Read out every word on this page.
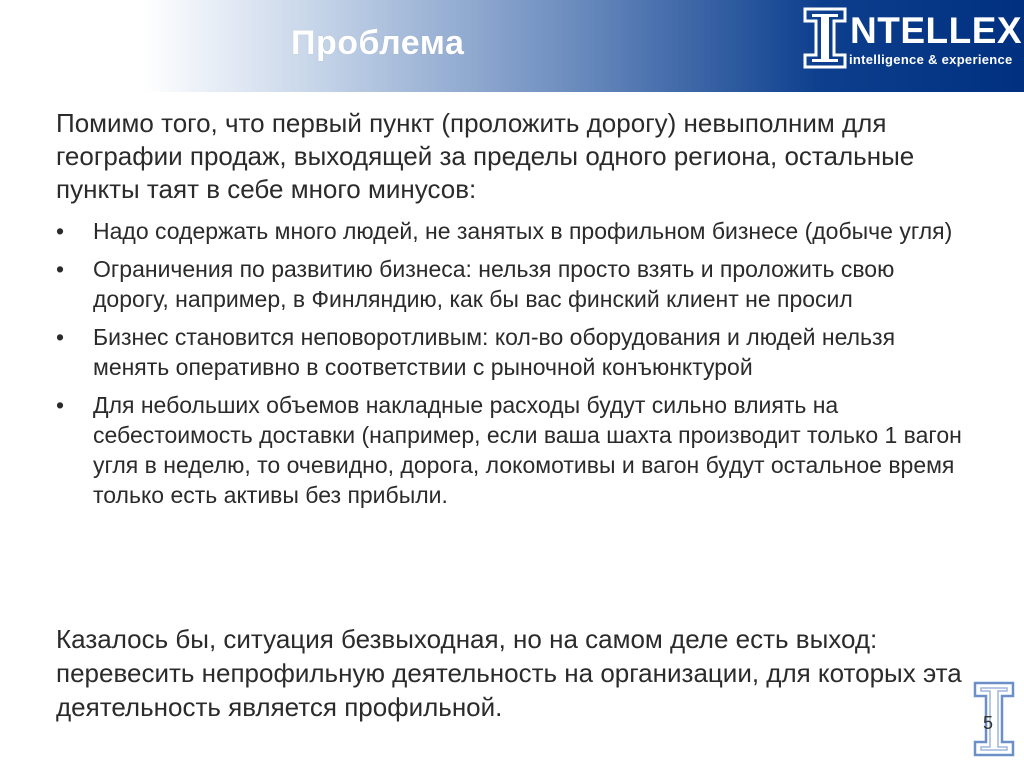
Проблема	NTELLEX
intelligence & experience

Помимо того, что первый пункт (проложить дорогу) невыполним для географии продаж, выходящей за пределы одного региона, остальные пункты таят в себе много минусов:

• Надо содержать много людей, не занятых в профильном бизнесе (добыче угля)
• Ограничения по развитию бизнеса: нельзя просто взять и проложить свою дорогу, например, в Финляндию, как бы вас финский клиент не просил
• Бизнес становится неповоротливым: кол-во оборудования и людей нельзя менять оперативно в соответствии с рыночной конъюнктурой
• Для небольших объемов накладные расходы будут сильно влиять на себестоимость доставки (например, если ваша шахта производит только 1 вагон угля в неделю, то очевидно, дорога, локомотивы и вагон будут остальное время только есть активы без прибыли.

Казалось бы, ситуация безвыходная, но на самом деле есть выход: перевесить непрофильную деятельность на организации, для которых эта деятельность является профильной.

5
